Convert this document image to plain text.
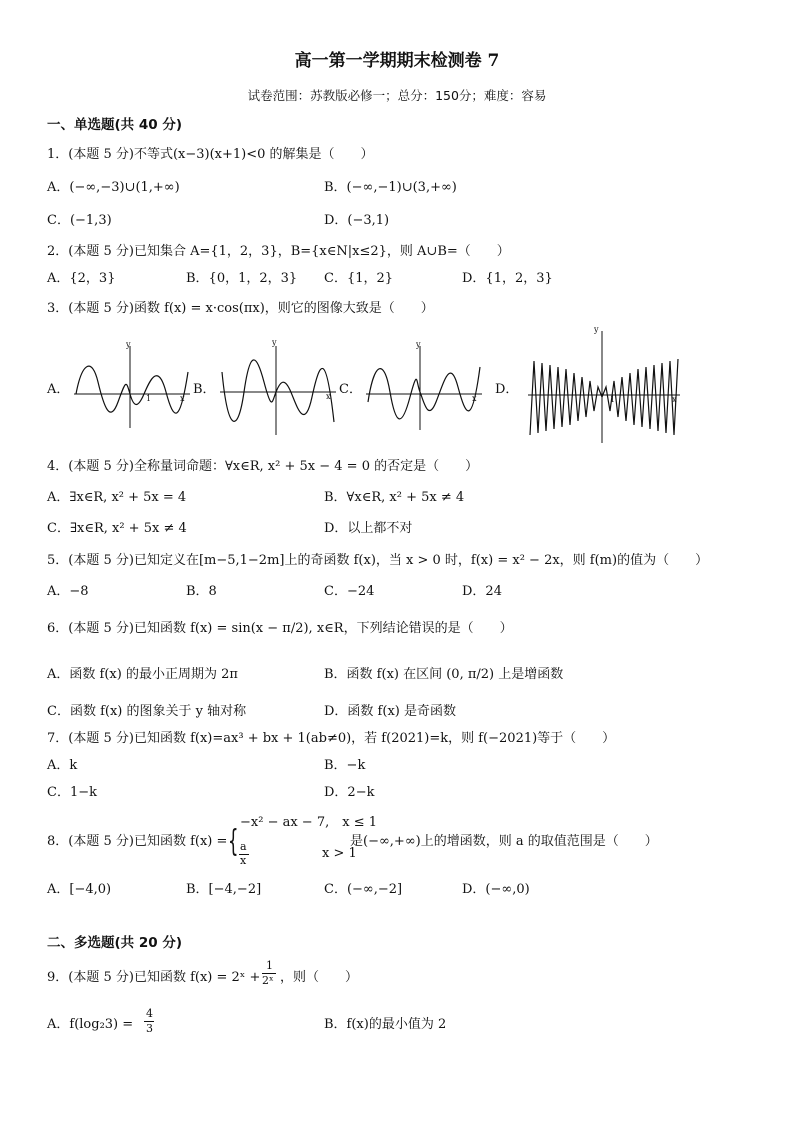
高一第一学期期末检测卷 7
试卷范围：苏教版必修一；总分：150分；难度：容易
一、单选题(共 40 分)
1．(本题 5 分)不等式(x−3)(x+1)<0 的解集是（　　）
A．(−∞,−3)∪(1,+∞)	B．(−∞,−1)∪(3,+∞)
C．(−1,3)	D．(−3,1)
2．(本题 5 分)已知集合 A={1，2，3}，B={x∈N|x≤2}，则 A∪B=（　　）
A．{2，3}	B．{0，1，2，3} C．{1，2}	D．{1，2，3}
3．(本题 5 分)函数 f(x) = x·cos(πx)，则它的图像大致是（　　）
A．
y
1	x
B．
y
x C．
y
x
D．
y
1	x
4．(本题 5 分)全称量词命题：∀x∈R, x² + 5x − 4 = 0 的否定是（　　）
A．∃x∈R, x² + 5x = 4	B．∀x∈R, x² + 5x ≠ 4
C．∃x∈R, x² + 5x ≠ 4	D．以上都不对
5．(本题 5 分)已知定义在[m−5,1−2m]上的奇函数 f(x)，当 x > 0 时，f(x) = x² − 2x，则 f(m)的值为（　　）
A．−8	B．8	C．−24	D．24
6．(本题 5 分)已知函数 f(x) = sin(x − π/2), x∈R，下列结论错误的是（　　）
A．函数 f(x) 的最小正周期为 2π	B．函数 f(x) 在区间 (0, π/2) 上是增函数
C．函数 f(x) 的图象关于 y 轴对称	D．函数 f(x) 是奇函数
7．(本题 5 分)已知函数 f(x)=ax³ + bx + 1(ab≠0)，若 f(2021)=k，则 f(−2021)等于（　　）
A．k	B．−k
C．1−k	D．2−k
8．(本题 5 分)已知函数 f(x) = {
−x² − ax − 7,　x ≤ 1
a
x	x > 1
是(−∞,+∞)上的增函数，则 a 的取值范围是（　　）
A．[−4,0)	B．[−4,−2]	C．(−∞,−2]	D．(−∞,0)
二、多选题(共 20 分)
9．(本题 5 分)已知函数 f(x) = 2ˣ +
1
2ˣ ，则（　　）
A．f(log₂3) =
4
3	B．f(x)的最小值为 2
